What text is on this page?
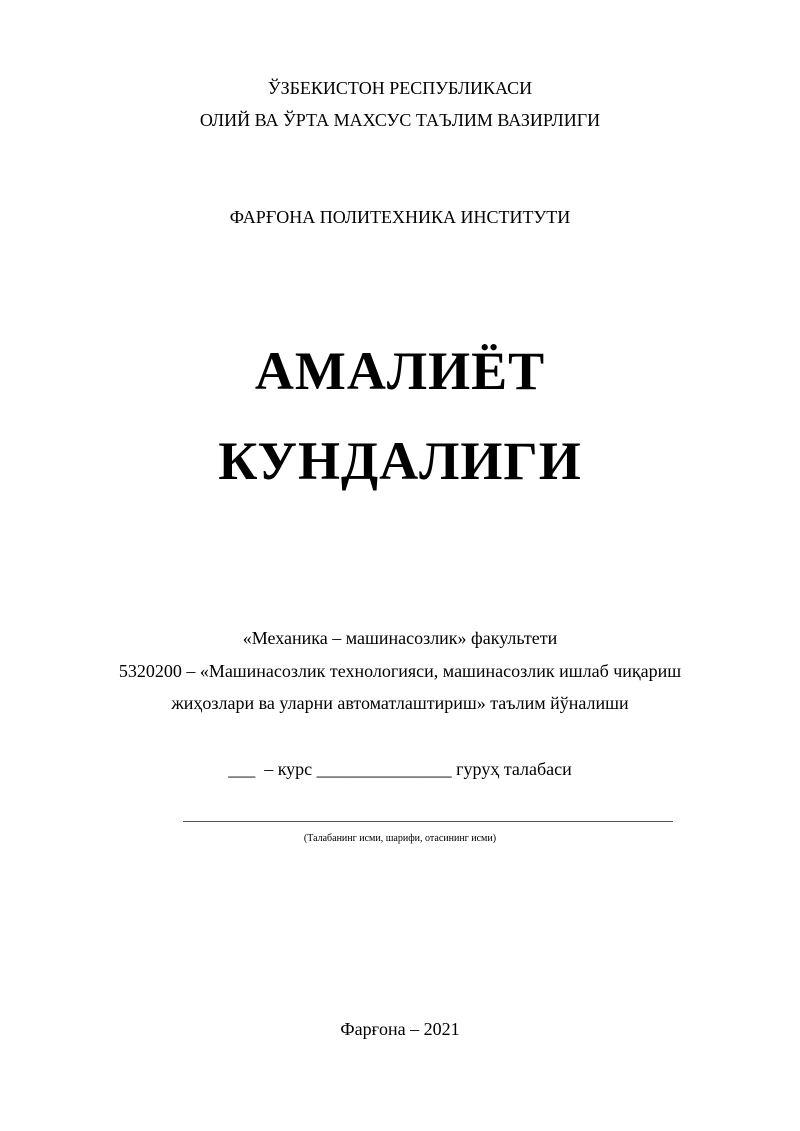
ЎЗБЕКИСТОН РЕСПУБЛИКАСИ
ОЛИЙ ВА ЎРТА МАХСУС ТАЪЛИМ ВАЗИРЛИГИ
ФАРҒОНА ПОЛИТЕХНИКА ИНСТИТУТИ
АМАЛИЁТ
КУНДАЛИГИ
«Механика – машинасозлик» факультети
5320200 – «Машинасозлик технологияси, машинасозлик ишлаб чиқариш
жиҳозлари ва уларни автоматлаштириш» таълим йўналиши
___  – курс _______________ гуруҳ талабаси
(Талабанинг исми, шарифи, отасининг исми)
Фарғона – 2021
